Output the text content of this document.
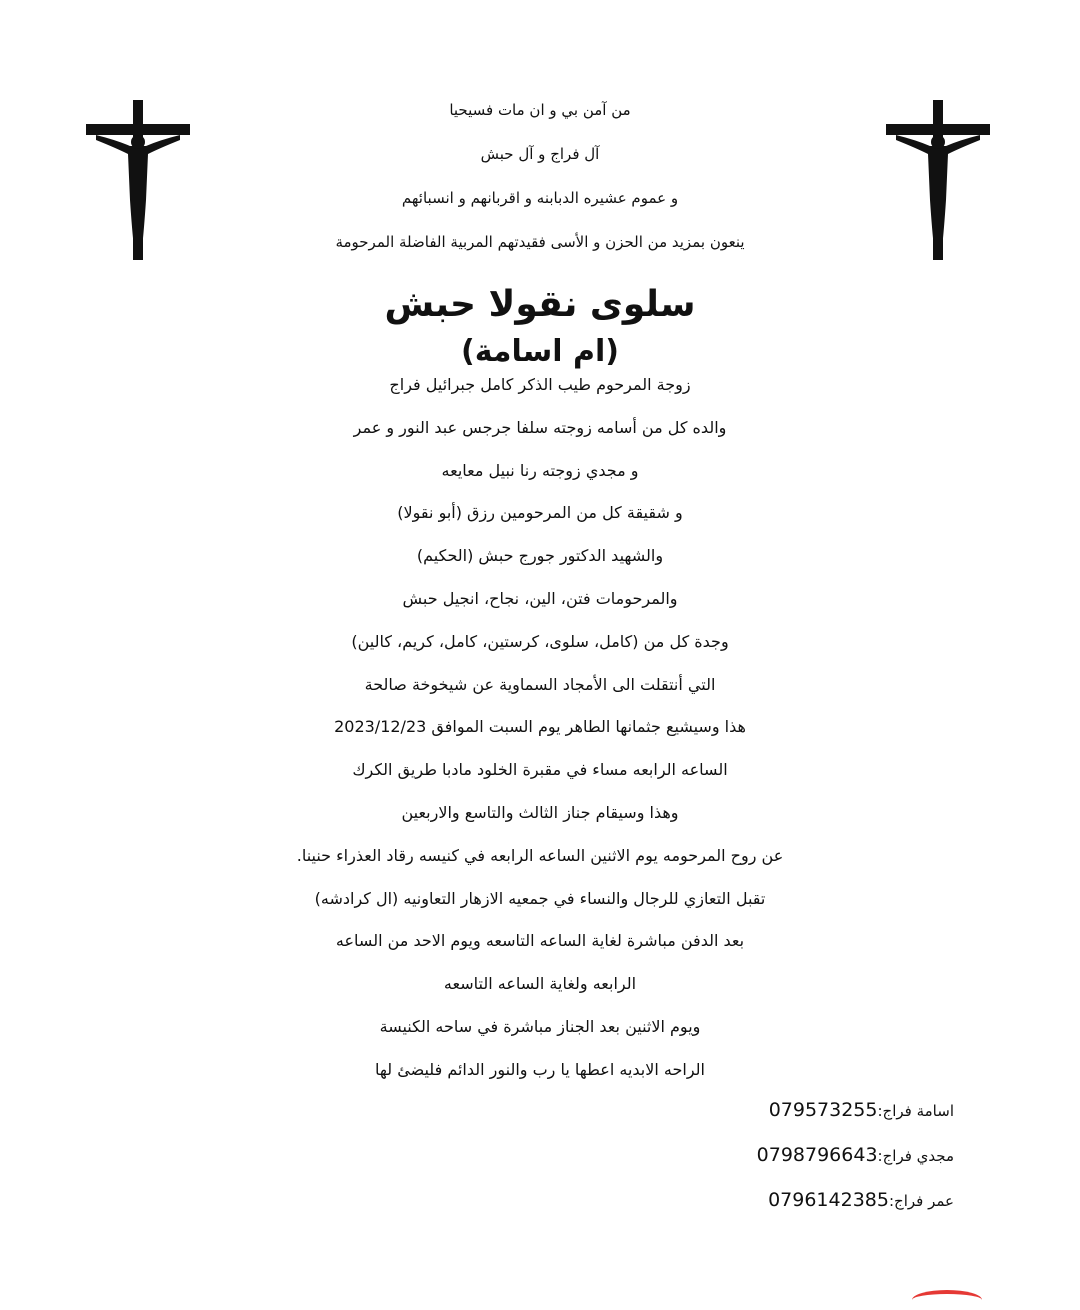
من آمن بي و ان مات فسيحيا
آل فراج و آل حبش
و عموم عشيره الدبابنه و اقربانهم و انسبائهم
ينعون بمزيد من الحزن و الأسى فقيدتهم المربية الفاضلة المرحومة
سلوى نقولا حبش
(ام اسامة)
زوجة المرحوم طيب الذكر كامل جبرائيل فراج
والده كل من أسامه زوجته سلفا جرجس عبد النور و عمر
و مجدي زوجته رنا نبيل معايعه
و شقيقة كل من المرحومين رزق (أبو نقولا)
والشهيد الدكتور جورج حبش (الحكيم)
والمرحومات فتن، الين، نجاح، انجيل حبش
وجدة كل من (كامل، سلوى، كرستين، كامل، كريم، كالين)
التي أنتقلت الى الأمجاد السماوية عن شيخوخة صالحة
هذا وسيشيع جثمانها الطاهر يوم السبت الموافق 2023/12/23
الساعه الرابعه مساء في مقبرة الخلود مادبا طريق الكرك
وهذا وسيقام جناز الثالث والتاسع والاربعين
عن روح المرحومه يوم الاثنين الساعه الرابعه في كنيسه رقاد العذراء حنينا.
تقبل التعازي للرجال والنساء في جمعيه الازهار التعاونيه (ال كرادشه)
بعد الدفن مباشرة لغاية الساعه التاسعه ويوم الاحد من الساعه
الرابعه ولغاية الساعه التاسعه
ويوم الاثنين بعد الجناز مباشرة في ساحه الكنيسة
الراحه الابديه اعطها يا رب والنور الدائم فليضئ لها
اسامة فراج:079573255
مجدي فراج:0798796643
عمر فراج:0796142385
